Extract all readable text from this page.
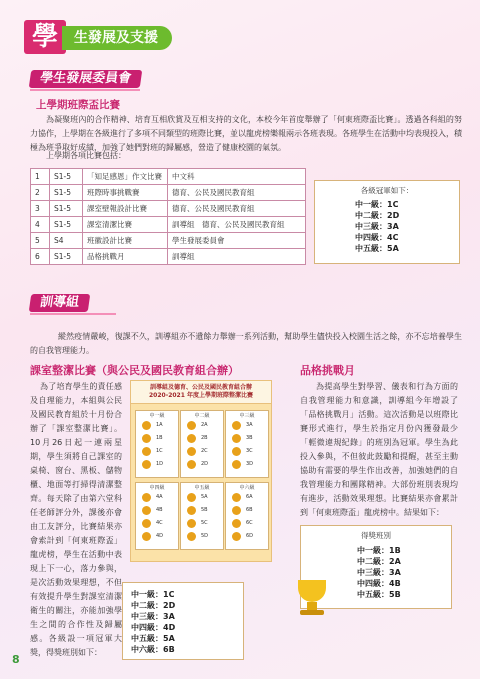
學	生發展及支援
學生發展委員會
上學期班際盃比賽
為凝聚班內的合作精神、培育互相欣賞及互相支持的文化，本校今年首度舉辦了「何東班際盃比賽」。透過各科組的努力協作，上學期在各級進行了多項不同類型的班際比賽，並以龍虎榜樂報兩示各班表現。各班學生在活動中均表現投入，積極為班爭取好成績，加強了她們對班的歸屬感，營造了健康校園的氣氛。
上學期各項比賽包括：
1	S1-5	「知足感恩」作文比賽	中文科
2	S1-5	班際時事挑戰賽	德育、公民及國民教育組
3	S1-5	課室壁報設計比賽	德育、公民及國民教育組
4	S1-5	課室清潔比賽	訓導組　德育、公民及國民教育組
5	S4	班徽設計比賽	學生發展委員會
6	S1-5	品格挑戰月	訓導組
各級冠軍如下：
中一級：1C
中二級：2D
中三級：3A
中四級：4C
中五級：5A
訓導組
縱然疫情嚴峻，復課不久，訓導組亦不遺餘力舉辦一系列活動，幫助學生儘快投入校園生活之餘，亦不忘培養學生的自我管理能力。
課室整潔比賽（與公民及國民教育組合辦）
為了培育學生的責任感及自理能力，本組與公民及國民教育組於十月份合辦了「課室整潔比賽」。10月26日起一連兩星期，學生須將自己課室的桌椅、窗台、黑板、儲物櫃、地面等打掃得清潔整齊。每天除了由第六堂科任老師評分外，課後亦會由工友評分，比賽結果亦會索計到「何東班際盃」龍虎榜，學生在活動中表現上下一心，落力參與，是次活動效果理想，不但有效提升學生對課室清潔衛生的關注，亦能加強學生之間的合作性及歸屬感。各級設一項冠軍大獎，得獎班別如下：
訓導組及德育、公民及國民教育組合辦
2020-2021 年度上學期班際整潔比賽
中一級
1A
1B
1C
1D
中二級
2A
2B
2C
2D
中三級
3A
3B
3C
3D
中四級
4A
4B
4C
4D
中五級
5A
5B
5C
5D
中六級
6A
6B
6C
6D
中一級：1C
中二級：2D
中三級：3A
中四級：4D
中五級：5A
中六級：6B
品格挑戰月
為提高學生對學習、儀表和行為方面的自我管理能力和意識，訓導組今年增設了「品格挑戰月」活動。這次活動是以班際比賽形式進行，學生於指定月份內獲發最少「輕微違規紀錄」的班別為冠軍。學生為此投入參與，不但彼此鼓勵和提醒，甚至主動協助有需要的學生作出改善，加強她們的自我管理能力和團隊精神。大部份班別表現均有進步，活動效果理想。比賽結果亦會累計到「何東班際盃」龍虎榜中。結果如下：
得獎班別
中一級：1B
中二級：2A
中三級：3A
中四級：4B
中五級：5B
8
